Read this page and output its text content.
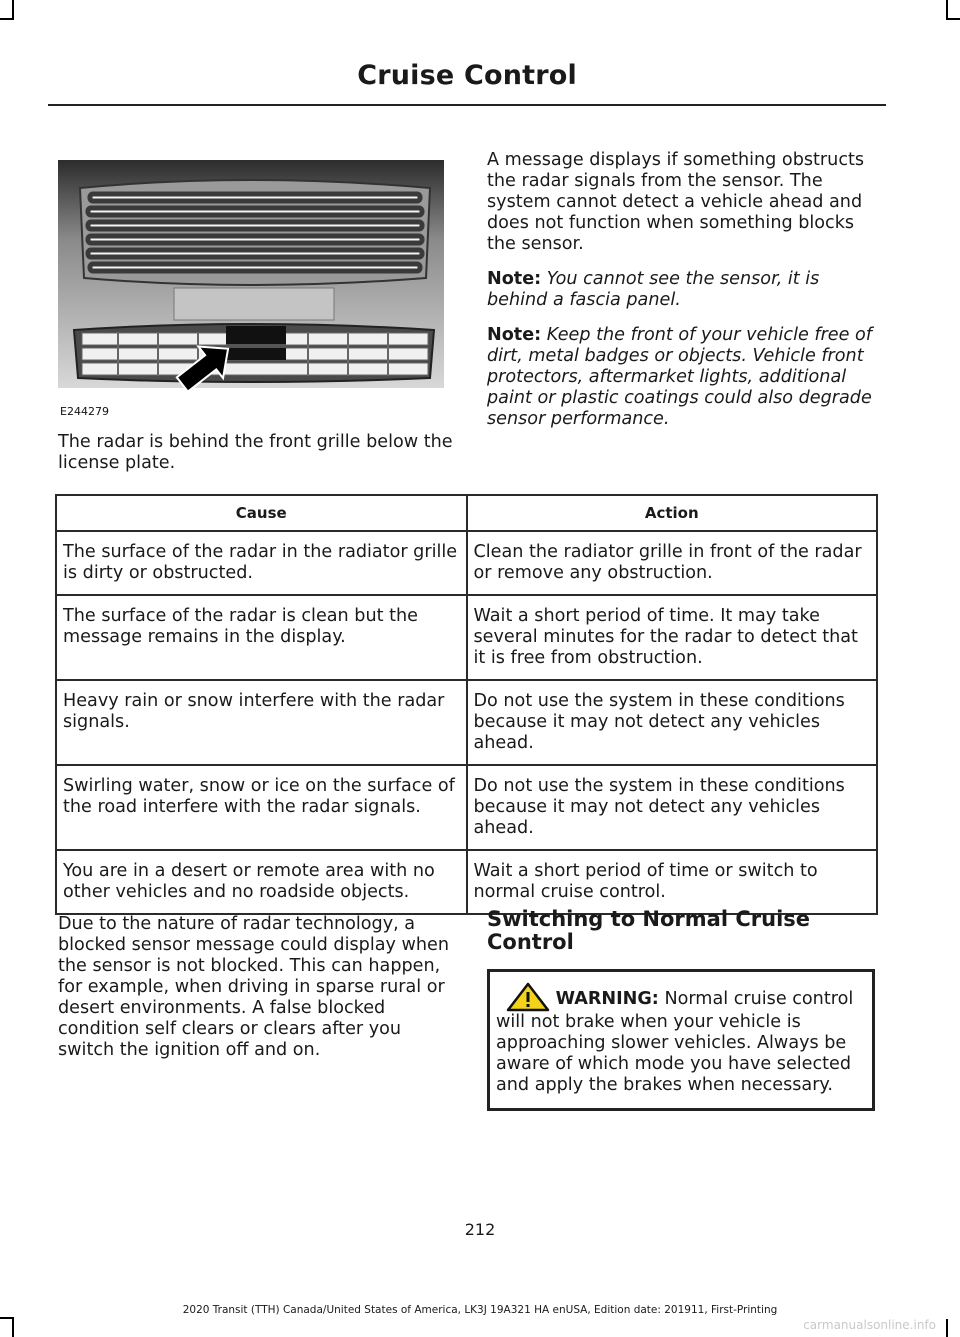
Cruise Control
E244279

The radar is behind the front grille below the license plate.

A message displays if something obstructs the radar signals from the sensor. The system cannot detect a vehicle ahead and does not function when something blocks the sensor.

Note: You cannot see the sensor, it is behind a fascia panel.

Note: Keep the front of your vehicle free of dirt, metal badges or objects. Vehicle front protectors, aftermarket lights, additional paint or plastic coatings could also degrade sensor performance.

Cause	Action
The surface of the radar in the radiator grille is dirty or obstructed.	Clean the radiator grille in front of the radar or remove any obstruction.
The surface of the radar is clean but the message remains in the display.	Wait a short period of time. It may take several minutes for the radar to detect that it is free from obstruction.
Heavy rain or snow interfere with the radar signals.	Do not use the system in these conditions because it may not detect any vehicles ahead.
Swirling water, snow or ice on the surface of the road interfere with the radar signals.	Do not use the system in these conditions because it may not detect any vehicles ahead.
You are in a desert or remote area with no other vehicles and no roadside objects.	Wait a short period of time or switch to normal cruise control.

Due to the nature of radar technology, a blocked sensor message could display when the sensor is not blocked. This can happen, for example, when driving in sparse rural or desert environments. A false blocked condition self clears or clears after you switch the ignition off and on.

Switching to Normal Cruise Control
WARNING: Normal cruise control will not brake when your vehicle is approaching slower vehicles. Always be aware of which mode you have selected and apply the brakes when necessary.
212
2020 Transit (TTH) Canada/United States of America, LK3J 19A321 HA enUSA, Edition date: 201911, First-Printing
carmanualsonline.info
